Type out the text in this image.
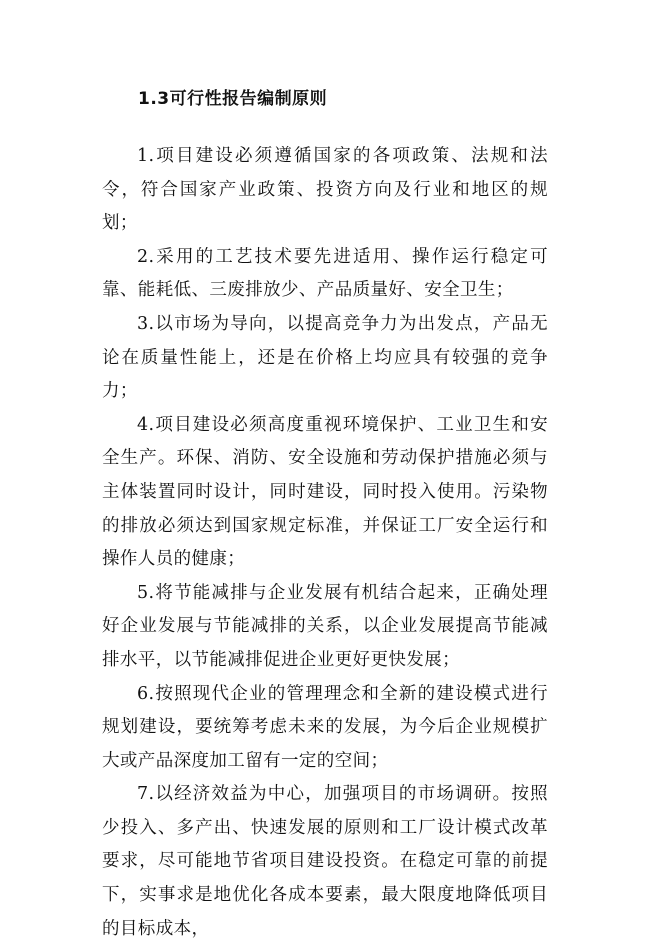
1.3可行性报告编制原则

1.项目建设必须遵循国家的各项政策、法规和法令，符合国家产业政策、投资方向及行业和地区的规划；

2.采用的工艺技术要先进适用、操作运行稳定可靠、能耗低、三废排放少、产品质量好、安全卫生；

3.以市场为导向，以提高竞争力为出发点，产品无论在质量性能上，还是在价格上均应具有较强的竞争力；

4.项目建设必须高度重视环境保护、工业卫生和安全生产。环保、消防、安全设施和劳动保护措施必须与主体装置同时设计，同时建设，同时投入使用。污染物的排放必须达到国家规定标准，并保证工厂安全运行和操作人员的健康；

5.将节能减排与企业发展有机结合起来，正确处理好企业发展与节能减排的关系，以企业发展提高节能减排水平，以节能减排促进企业更好更快发展；

6.按照现代企业的管理理念和全新的建设模式进行规划建设，要统筹考虑未来的发展，为今后企业规模扩大或产品深度加工留有一定的空间；

7.以经济效益为中心，加强项目的市场调研。按照少投入、多产出、快速发展的原则和工厂设计模式改革要求，尽可能地节省项目建设投资。在稳定可靠的前提下，实事求是地优化各成本要素，最大限度地降低项目的目标成本，
